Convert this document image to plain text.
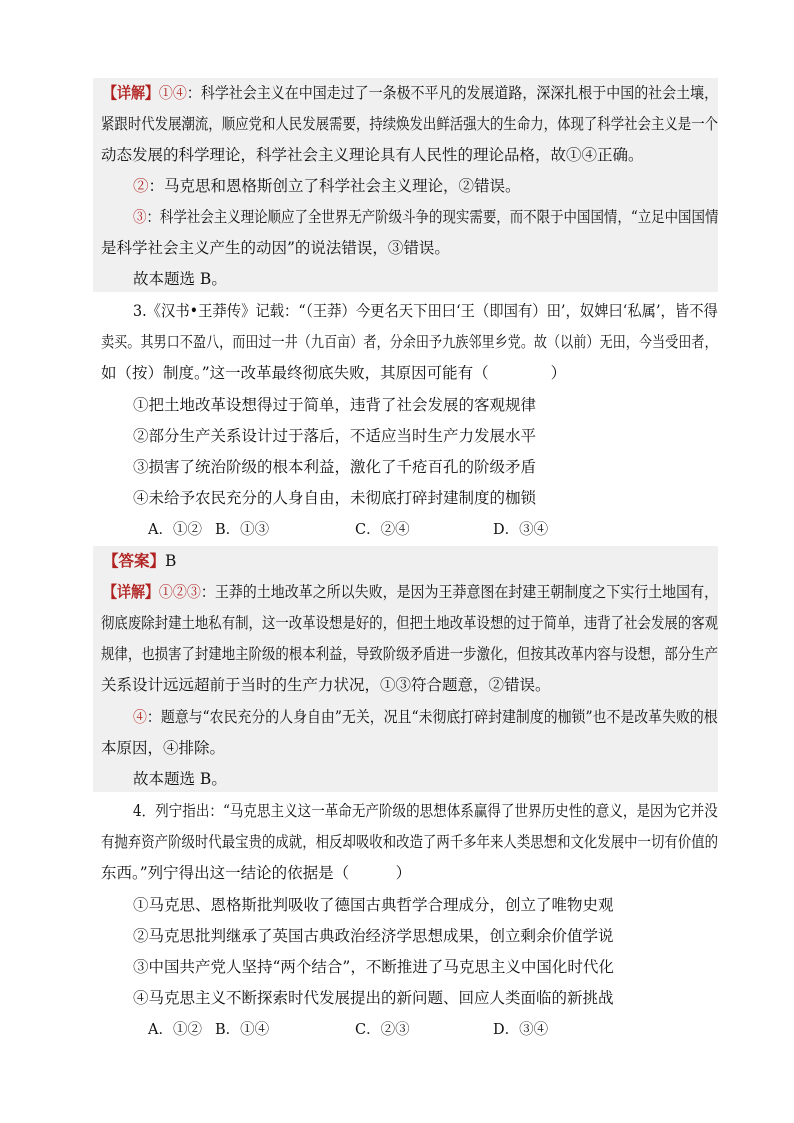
【详解】①④：科学社会主义在中国走过了一条极不平凡的发展道路，深深扎根于中国的社会土壤，
紧跟时代发展潮流，顺应党和人民发展需要，持续焕发出鲜活强大的生命力，体现了科学社会主义是一个
动态发展的科学理论，科学社会主义理论具有人民性的理论品格，故①④正确。
②：马克思和恩格斯创立了科学社会主义理论，②错误。
③：科学社会主义理论顺应了全世界无产阶级斗争的现实需要，而不限于中国国情，“立足中国国情
是科学社会主义产生的动因”的说法错误，③错误。
故本题选 B。
3.《汉书•王莽传》记载：“（王莽）今更名天下田曰‘王（即国有）田’，奴婢曰‘私属’，皆不得
卖买。其男口不盈八，而田过一井（九百亩）者，分余田予九族邻里乡党。故（以前）无田，今当受田者，
如（按）制度。”这一改革最终彻底失败，其原因可能有（　　　　）
①把土地改革设想得过于简单，违背了社会发展的客观规律
②部分生产关系设计过于落后，不适应当时生产力发展水平
③损害了统治阶级的根本利益，激化了千疮百孔的阶级矛盾
④未给予农民充分的人身自由，未彻底打碎封建制度的枷锁
A．①② B．①③	C．②④	D．③④
【答案】B
【详解】①②③：王莽的土地改革之所以失败，是因为王莽意图在封建王朝制度之下实行土地国有，
彻底废除封建土地私有制，这一改革设想是好的，但把土地改革设想的过于简单，违背了社会发展的客观
规律，也损害了封建地主阶级的根本利益，导致阶级矛盾进一步激化，但按其改革内容与设想，部分生产
关系设计远远超前于当时的生产力状况，①③符合题意，②错误。
④：题意与“农民充分的人身自由”无关，况且“未彻底打碎封建制度的枷锁”也不是改革失败的根
本原因，④排除。
故本题选 B。
4．列宁指出：“马克思主义这一革命无产阶级的思想体系赢得了世界历史性的意义，是因为它并没
有抛弃资产阶级时代最宝贵的成就，相反却吸收和改造了两千多年来人类思想和文化发展中一切有价值的
东西。”列宁得出这一结论的依据是（　　　）
①马克思、恩格斯批判吸收了德国古典哲学合理成分，创立了唯物史观
②马克思批判继承了英国古典政治经济学思想成果，创立剩余价值学说
③中国共产党人坚持“两个结合”，不断推进了马克思主义中国化时代化
④马克思主义不断探索时代发展提出的新问题、回应人类面临的新挑战
A．①② B．①④	C．②③	D．③④
